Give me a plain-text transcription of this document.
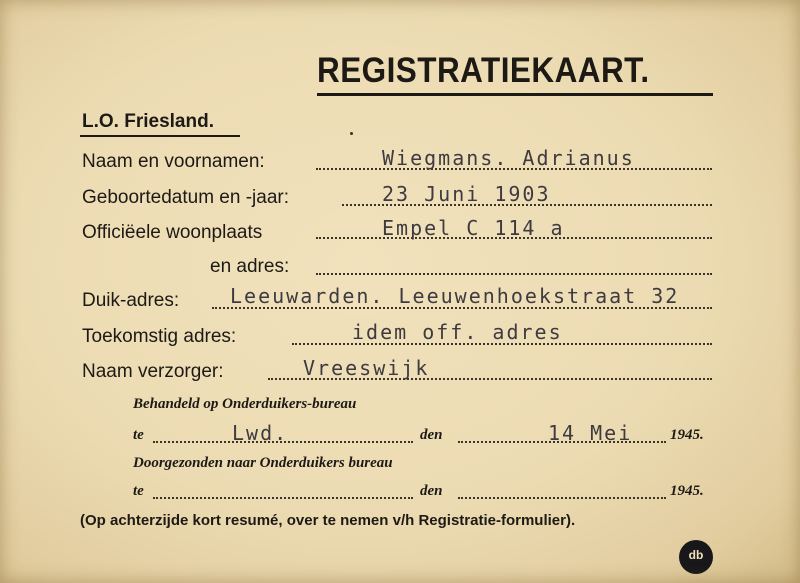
REGISTRATIEKAART.
L.O. Friesland.
Naam en voornamen:	Wiegmans. Adrianus
Geboortedatum en -jaar:	23 Juni 1903
Officiëele woonplaats	Empel C 114 a
en adres:
Duik-adres:	Leeuwarden. Leeuwenhoekstraat 32
Toekomstig adres:	idem off. adres
Naam verzorger:	Vreeswijk
Behandeld op Onderduikers-bureau
te	Lwd.	den	14 Mei	1945.
Doorgezonden naar Onderduikers bureau
te	den	1945.
(Op achterzijde kort resumé, over te nemen v/h Registratie-formulier).
db
